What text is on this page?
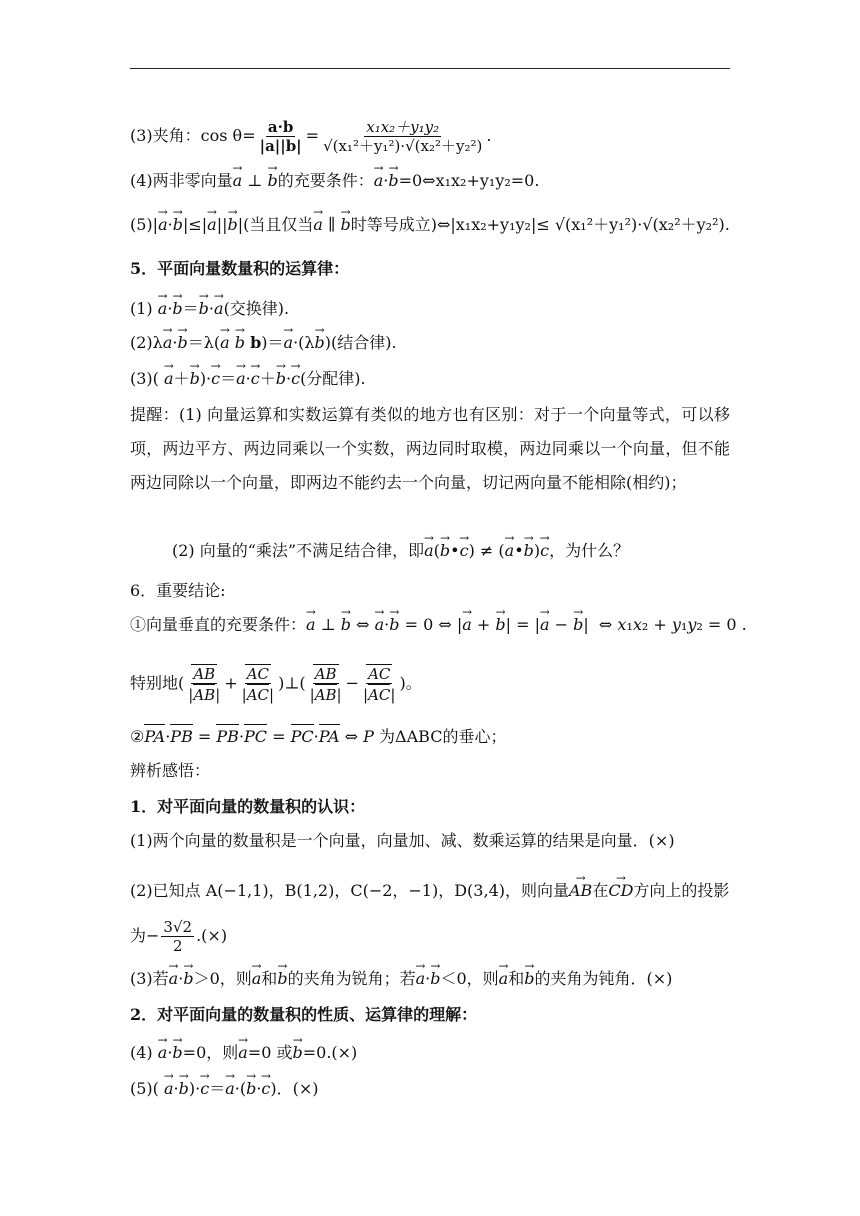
(3)夹角：$\cos \theta= \frac{a\cdot b}{|a||b|} = \frac{\text{x₁x₂＋y₁y₂}}{\text{√(x₁²＋y₁²)·√(x₂²＋y₂²)}}$ .
(4)两非零向量→ a ⊥ → b的充要条件：→ a·→ b=0⇔x₁x₂+y₁y₂=0.
(5)|→ a·→ b|≤|→ a||→ b|(当且仅当→ a ∥ → b时等号成立)⇔|x₁x₂+y₁y₂|≤ √(x₁²＋y₁²)·√(x₂²＋y₂²).
5．平面向量数量积的运算律：
(1) → a·→ b＝→ b·→ a(交换律).
(2)λ→ a·→ b＝λ(→ a → b b)＝→ a·(λ→ b)(结合律).
(3)( → a＋→ b)·→ c＝→ a·→ c＋→ b·→ c(分配律).
提醒：(1) 向量运算和实数运算有类似的地方也有区别：对于一个向量等式，可以移项，两边平方、两边同乘以一个实数，两边同时取模，两边同乘以一个向量，但不能两边同除以一个向量，即两边不能约去一个向量，切记两向量不能相除(相约)；
(2) 向量的“乘法”不满足结合律，即→ a(→ b•→ c) ≠ (→ a•→ b)→ c，为什么？
6．重要结论:
①向量垂直的充要条件：→ a ⊥ → b ⇔ → a·→ b = 0 ⇔ |→ a + → b| = |→ a − → b|  ⇔ x₁x₂ + y₁y₂ = 0 .
特别地( $\frac{AB}{|AB|} + \frac{AC}{|AC|}$ )⊥( $\frac{AB}{|AB|} - \frac{AC}{|AC|}$ )。
②PA·PB = PB·PC = PC·PA ⇔ P 为ΔABC的垂心；
辨析感悟：
1．对平面向量的数量积的认识：
(1)两个向量的数量积是一个向量，向量加、减、数乘运算的结果是向量．(×)
(2)已知点 A(−1,1)，B(1,2)，C(−2，−1)，D(3,4)，则向量→ AB在→ CD方向上的投影
为− $\frac{3√2}{2}$ .(×)
(3)若→ a·→ b＞0，则→ a和→ b的夹角为锐角；若→ a·→ b＜0，则→ a和→ b的夹角为钝角．(×)
2．对平面向量的数量积的性质、运算律的理解：
(4) → a·→ b=0，则→ a=0 或→ b=0.(×)
(5)( → a·→ b)·→ c＝→ a·(→ b·→ c)．(×)
